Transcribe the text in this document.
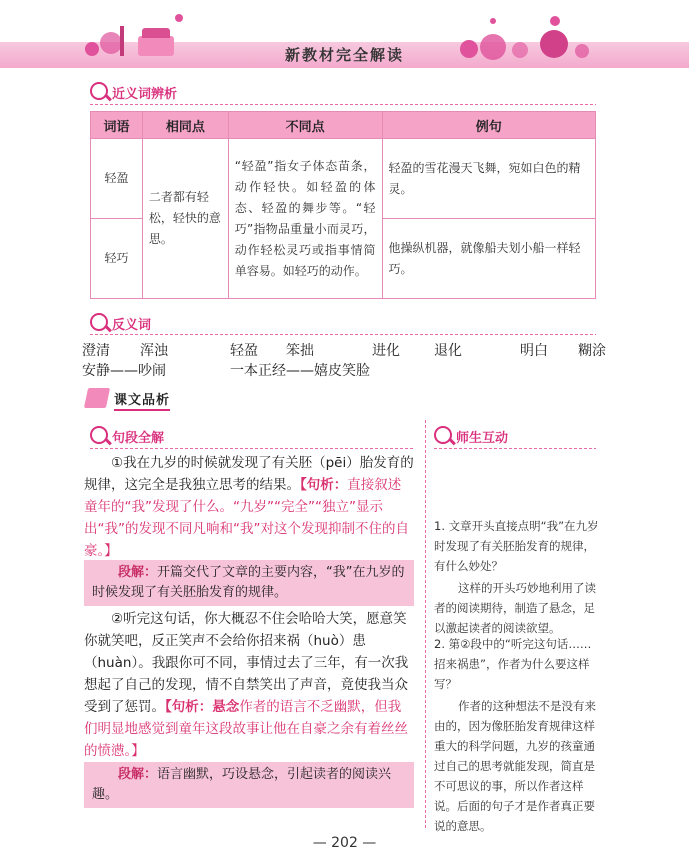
新教材完全解读
近义词辨析
词语	相同点	不同点	例句
轻盈	二者都有轻松，轻快的意思。	“轻盈”指女子体态苗条，动作轻快。如轻盈的体态、轻盈的舞步等。“轻巧”指物品重量小而灵巧，动作轻松灵巧或指事情简单容易。如轻巧的动作。	轻盈的雪花漫天飞舞，宛如白色的精灵。
轻巧			他操纵机器，就像船夫划小船一样轻巧。
反义词
澄清 浑浊	轻盈 笨拙	进化 退化	明白 糊涂
安静——吵闹	一本正经——嬉皮笑脸
课文品析
句段全解
①我在九岁的时候就发现了有关胚（pēi）胎发育的规律，这完全是我独立思考的结果。【句析：直接叙述童年的“我”发现了什么。“九岁”“完全”“独立”显示出“我”的发现不同凡响和“我”对这个发现抑制不住的自豪。】
段解：开篇交代了文章的主要内容，“我”在九岁的时候发现了有关胚胎发育的规律。
②听完这句话，你大概忍不住会哈哈大笑，愿意笑你就笑吧，反正笑声不会给你招来祸（huò）患（huàn）。我跟你可不同，事情过去了三年，有一次我想起了自己的发现，情不自禁笑出了声音，竟使我当众受到了惩罚。【句析：悬念作者的语言不乏幽默，但我们明显地感觉到童年这段故事让他在自豪之余有着丝丝的愤懑。】
段解：语言幽默，巧设悬念，引起读者的阅读兴趣。
师生互动
1. 文章开头直接点明“我”在九岁时发现了有关胚胎发育的规律，有什么妙处？
这样的开头巧妙地利用了读者的阅读期待，制造了悬念，足以激起读者的阅读欲望。
2. 第②段中的“听完这句话……招来祸患”，作者为什么要这样写？
作者的这种想法不是没有来由的，因为像胚胎发育规律这样重大的科学问题，九岁的孩童通过自己的思考就能发现，简直是不可思议的事，所以作者这样说。后面的句子才是作者真正要说的意思。
— 202 —
